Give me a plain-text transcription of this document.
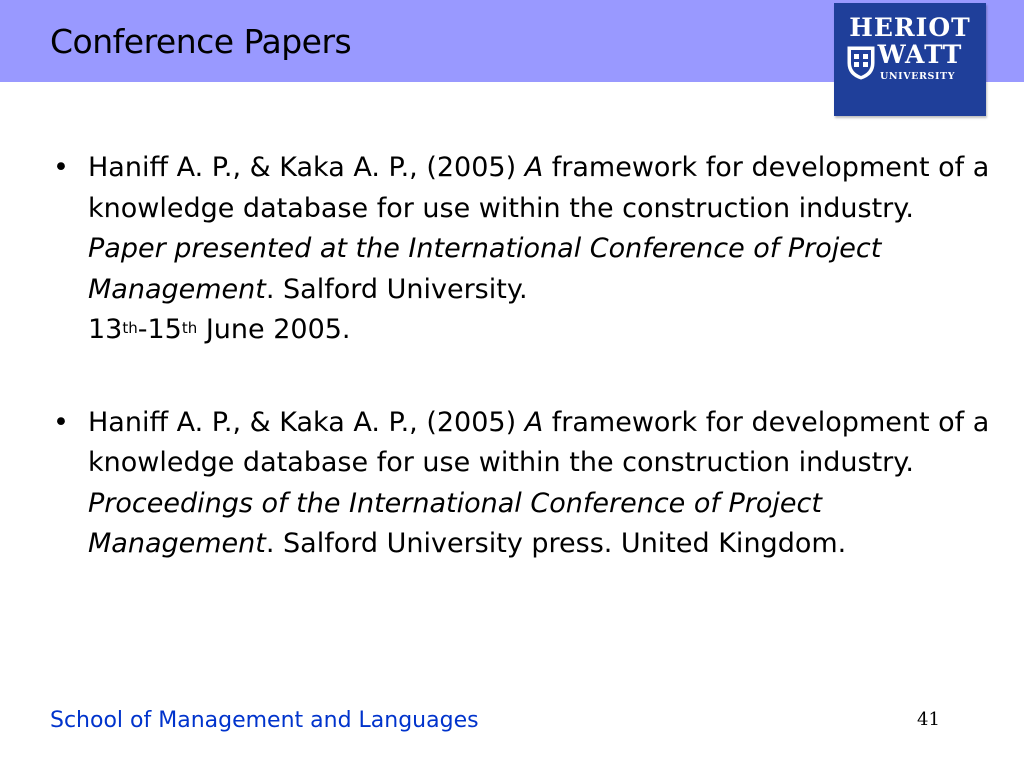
Conference Papers	HERIOT
WATT
UNIVERSITY
• Haniff A. P., & Kaka A. P., (2005) A framework for development of a knowledge database for use within the construction industry. Paper presented at the International Conference of Project Management. Salford University.
13th-15th June 2005.
• Haniff A. P., & Kaka A. P., (2005) A framework for development of a knowledge database for use within the construction industry. Proceedings of the International Conference of Project Management. Salford University press. United Kingdom.
School of Management and Languages	41
